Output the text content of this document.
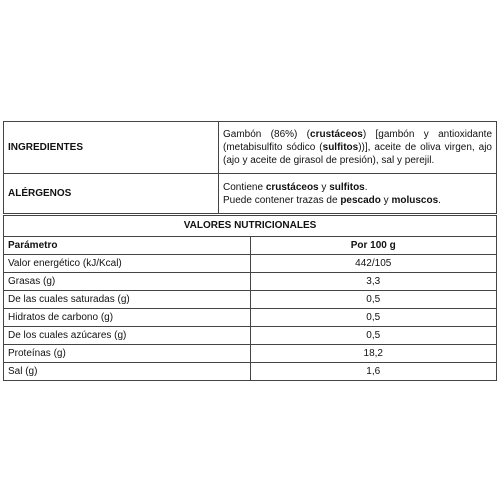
INGREDIENTES	Gambón (86%) (crustáceos) [gambón y antioxidante (metabisulfito sódico (sulfitos))], aceite de oliva virgen, ajo (ajo y aceite de girasol de presión), sal y perejil.
ALÉRGENOS	Contiene crustáceos y sulfitos.
Puede contener trazas de pescado y moluscos.
VALORES NUTRICIONALES	
Parámetro	Por 100 g
Valor energético (kJ/Kcal)	442/105
Grasas (g)	3,3
De las cuales saturadas (g)	0,5
Hidratos de carbono (g)	0,5
De los cuales azúcares (g)	0,5
Proteínas (g)	18,2
Sal (g)	1,6
